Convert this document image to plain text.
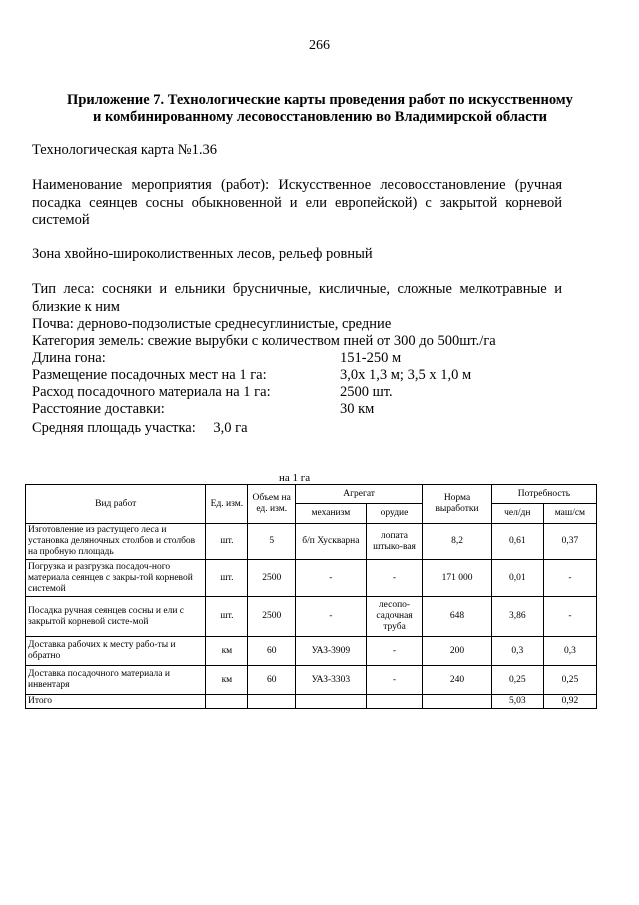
266
Приложение 7. Технологические карты проведения работ по искусственному
и комбинированному лесовосстановлению во Владимирской области
Технологическая карта №1.36
Наименование мероприятия (работ): Искусственное лесовосстановление (ручная посадка сеянцев сосны обыкновенной и ели европейской) с закрытой корневой системой
Зона хвойно-широколиственных лесов, рельеф ровный
Тип леса: сосняки и ельники брусничные, кисличные, сложные мелкотравные и близкие к ним
Почва: дерново-подзолистые среднесуглинистые, средние
Категория земель: свежие вырубки с количеством пней от 300 до 500шт./га
Длина гона:	151-250 м
Размещение посадочных мест на 1 га:	3,0х 1,3 м; 3,5 х 1,0 м
Расход посадочного материала на 1 га:	2500 шт.
Расстояние доставки:	30 км
Средняя площадь участка: 3,0 га
на 1 га
Вид работ	Ед. изм.	Объем на ед. изм.	Агрегат		Норма выработки	Потребность	
			механизм	орудие		чел/дн	маш/см
Изготовление из растущего леса и установка деляночных столбов и столбов на пробную площадь	шт.	5	б/п Хускварна	лопата штыко-вая	8,2	0,61	0,37
Погрузка и разгрузка посадоч-ного материала сеянцев с закры-той корневой системой	шт.	2500	-	-	171 000	0,01	-
Посадка ручная сеянцев сосны и ели с закрытой корневой систе-мой	шт.	2500	-	лесопо-садочная труба	648	3,86	-
Доставка рабочих к месту рабо-ты и обратно	км	60	УАЗ-3909	-	200	0,3	0,3
Доставка посадочного материала и инвентаря	км	60	УАЗ-3303	-	240	0,25	0,25
Итого						5,03	0,92
